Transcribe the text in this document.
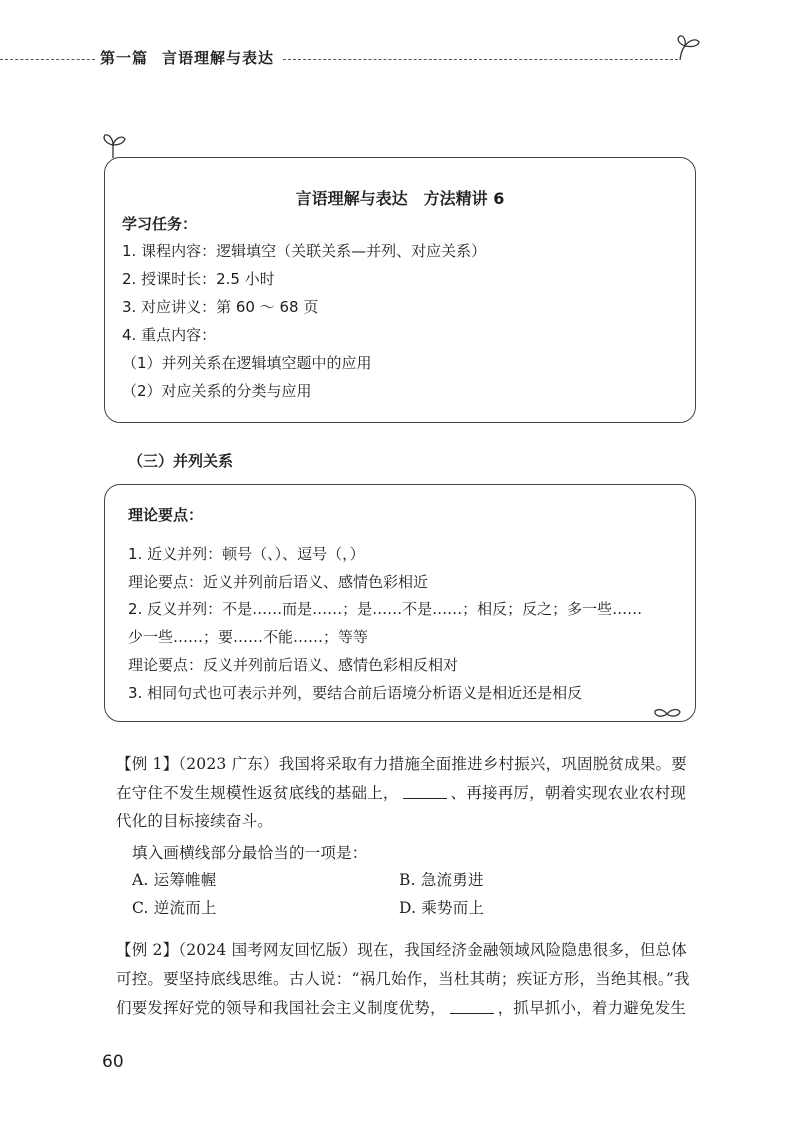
第一篇 言语理解与表达
言语理解与表达　方法精讲 6
学习任务：
1. 课程内容：逻辑填空（关联关系—并列、对应关系）
2. 授课时长：2.5 小时
3. 对应讲义：第 60 ～ 68 页
4. 重点内容：
（1）并列关系在逻辑填空题中的应用
（2）对应关系的分类与应用
（三）并列关系
理论要点：
1. 近义并列：顿号（、）、逗号（，）
理论要点：近义并列前后语义、感情色彩相近
2. 反义并列：不是……而是……；是……不是……；相反；反之；多一些……
少一些……；要……不能……；等等
理论要点：反义并列前后语义、感情色彩相反相对
3. 相同句式也可表示并列，要结合前后语境分析语义是相近还是相反
【例 1】（2023 广东）我国将采取有力措施全面推进乡村振兴，巩固脱贫成果。要
在守住不发生规模性返贫底线的基础上，	、再接再厉，朝着实现农业农村现
代化的目标接续奋斗。
填入画横线部分最恰当的一项是：
A. 运筹帷幄	B. 急流勇进
C. 逆流而上	D. 乘势而上
【例 2】（2024 国考网友回忆版）现在，我国经济金融领域风险隐患很多，但总体
可控。要坚持底线思维。古人说：“祸几始作，当杜其萌；疾证方形，当绝其根。”我
们要发挥好党的领导和我国社会主义制度优势，	，抓早抓小，着力避免发生
60
